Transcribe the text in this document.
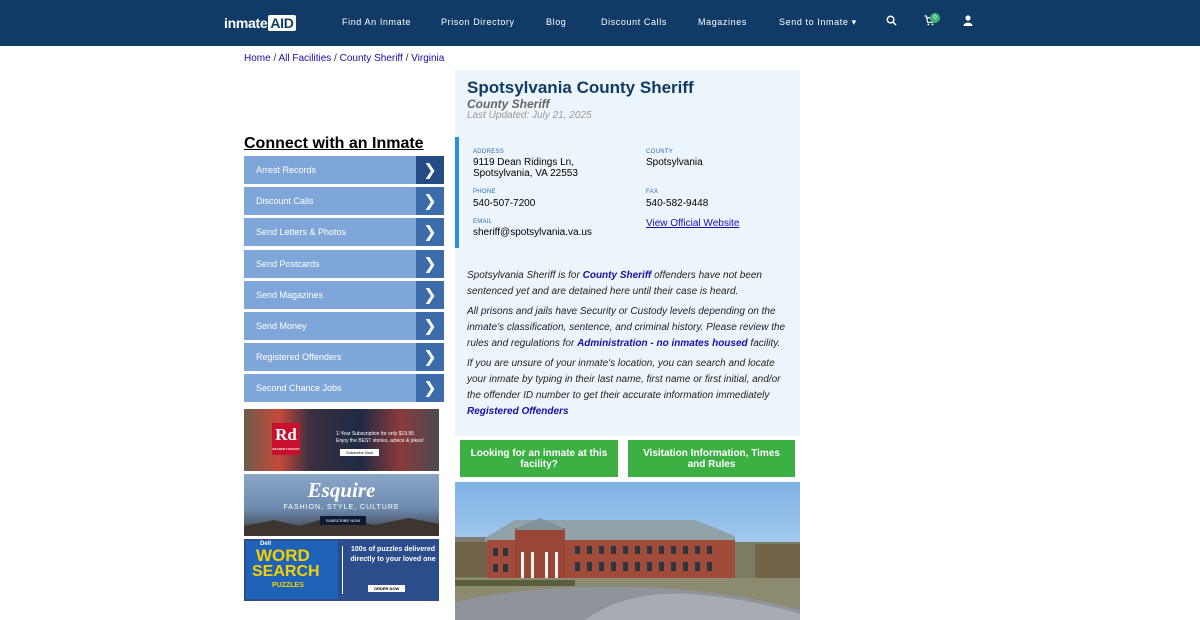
inmate AID	Find An Inmate	Prison Directory	Blog	Discount Calls	Magazines	Send to Inmate ▾	0
Home / All Facilities / County Sheriff / Virginia
Connect with an Inmate
Arrest Records	❯
Discount Calls	❯
Send Letters & Photos	❯
Send Postcards	❯
Send Magazines	❯
Send Money	❯
Registered Offenders	❯
Second Chance Jobs	❯
Rd
READER'S DIGEST
1-Year Subscription for only $19.95
Enjoy the BEST stories, advice & jokes!
Subscribe Now
Esquire
FASHION, STYLE, CULTURE
SUBSCRIBE NOW
Dell
WORD
SEARCH
PUZZLES
100s of puzzles delivered directly to your loved one
ORDER NOW
Spotsylvania County Sheriff
County Sheriff
Last Updated: July 21, 2025
ADDRESS
9119 Dean Ridings Ln,
Spotsylvania, VA 22553
COUNTY
Spotsylvania
PHONE
540-507-7200
FAX
540-582-9448
EMAIL
sheriff@spotsylvania.va.us
View Official Website

Spotsylvania Sheriff is for County Sheriff offenders have not been sentenced yet and are detained here until their case is heard.

All prisons and jails have Security or Custody levels depending on the inmate’s classification, sentence, and criminal history. Please review the rules and regulations for Administration - no inmates housed facility.

If you are unsure of your inmate's location, you can search and locate your inmate by typing in their last name, first name or first initial, and/or the offender ID number to get their accurate information immediately Registered Offenders

Looking for an inmate at this facility?
Visitation Information, Times and Rules
